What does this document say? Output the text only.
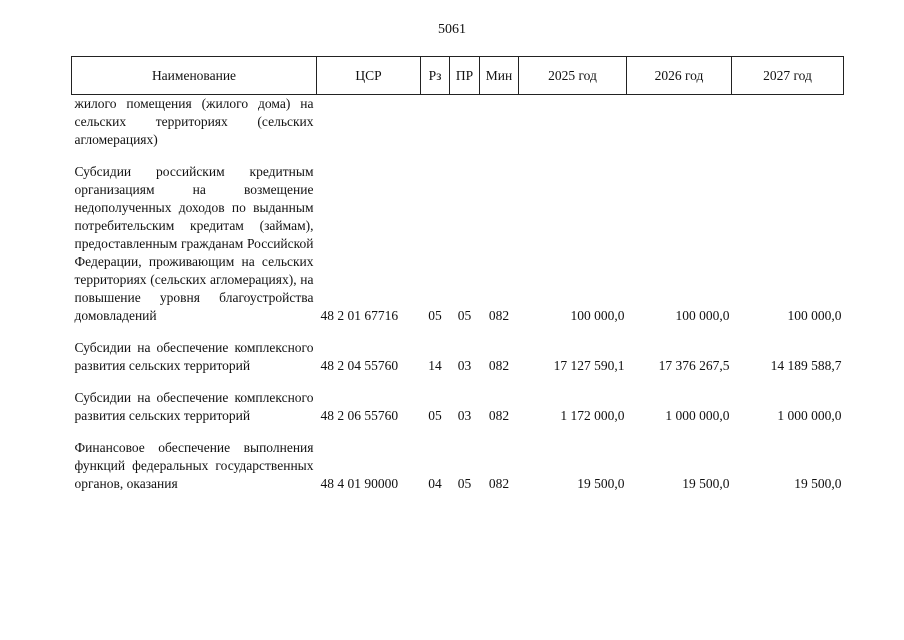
5061
Наименование	ЦСР	Рз	ПР	Мин	2025 год	2026 год	2027 год
жилого помещения (жилого дома) на сельских территориях (сельских агломерациях)							

Субсидии российским кредитным организациям на возмещение недополученных доходов по выданным потребительским кредитам (займам), предоставленным гражданам Российской Федерации, проживающим на сельских территориях (сельских агломерациях), на повышение уровня благоустройства домовладений	48 2 01 67716	05	05	082	100 000,0	100 000,0	100 000,0

Субсидии на обеспечение комплексного развития сельских территорий	48 2 04 55760	14	03	082	17 127 590,1	17 376 267,5	14 189 588,7

Субсидии на обеспечение комплексного развития сельских территорий	48 2 06 55760	05	03	082	1 172 000,0	1 000 000,0	1 000 000,0

Финансовое обеспечение выполнения функций федеральных государственных органов, оказания	48 4 01 90000	04	05	082	19 500,0	19 500,0	19 500,0
